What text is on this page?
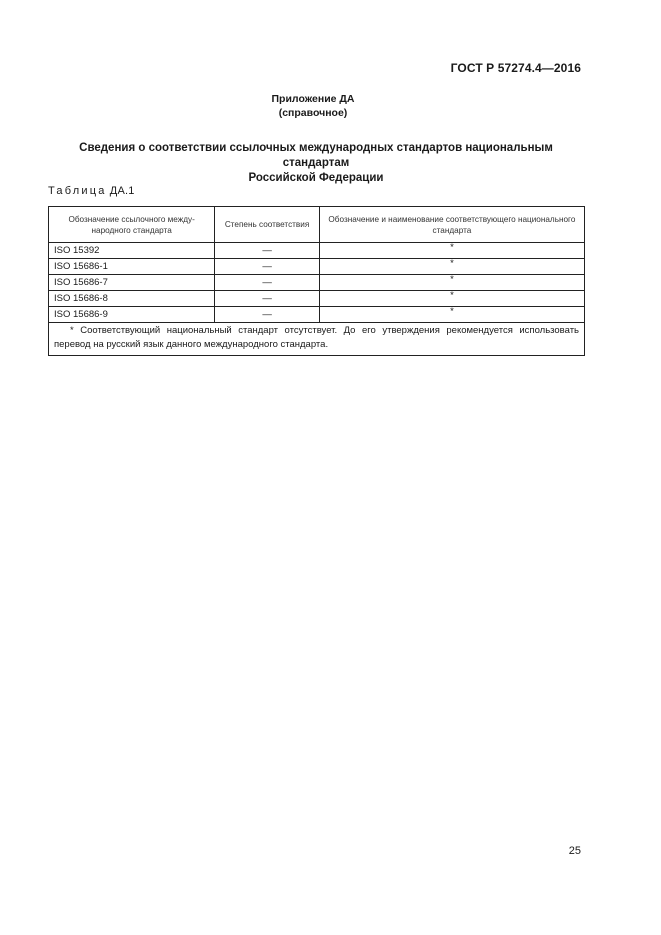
ГОСТ Р 57274.4—2016
Приложение ДА
(справочное)
Сведения о соответствии ссылочных международных стандартов национальным стандартам
Российской Федерации
Таблица ДА.1
Обозначение ссылочного между-народного стандарта	Степень соответствия	Обозначение и наименование соответствующего национального стандарта
ISO 15392	—	*
ISO 15686-1	—	*
ISO 15686-7	—	*
ISO 15686-8	—	*
ISO 15686-9	—	*
* Соответствующий национальный стандарт отсутствует. До его утверждения рекомендуется использовать перевод на русский язык данного международного стандарта.		
25
